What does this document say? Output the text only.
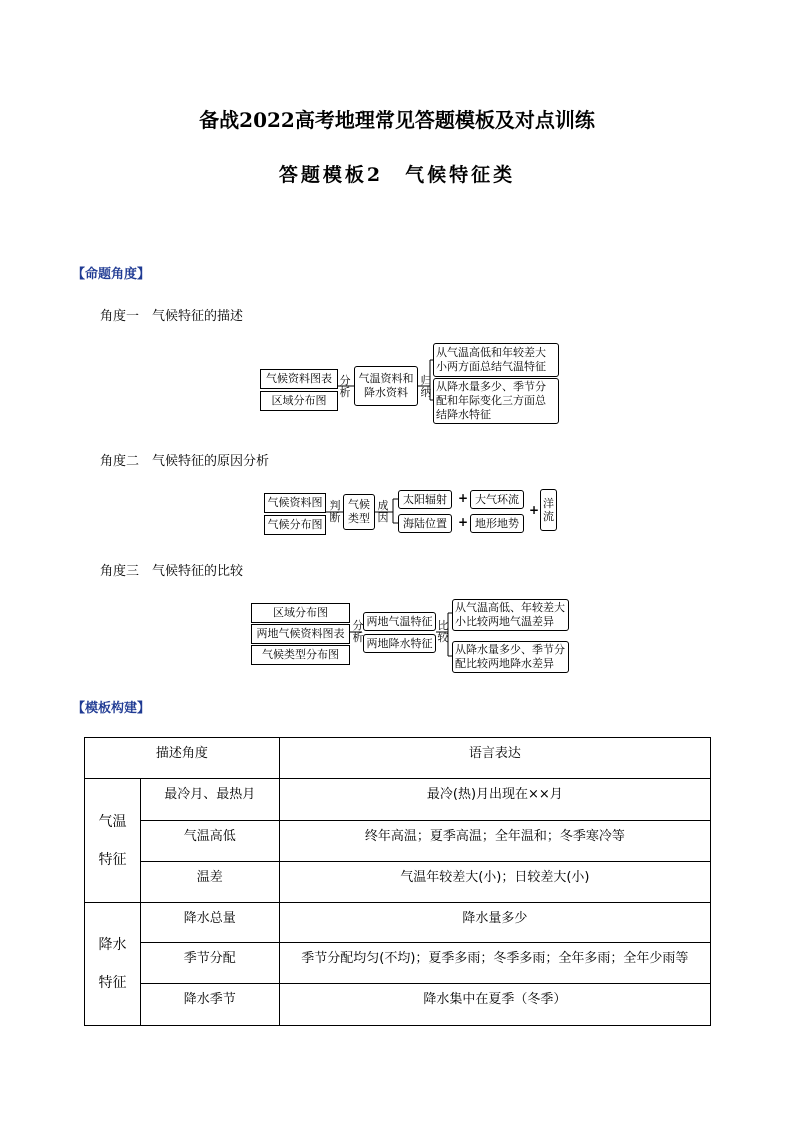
备战2022高考地理常见答题模板及对点训练
答题模板2　气候特征类
【命题角度】
角度一　气候特征的描述
角度二　气候特征的原因分析
角度三　气候特征的比较
气候资料图表
区域分布图
分析
气温资料和降水资料
归纳
从气温高低和年较差大小两方面总结气温特征
从降水量多少、季节分配和年际变化三方面总结降水特征
气候资料图
气候分布图
判断
气候类型
成因
太阳辐射 + 大气环流
海陆位置 + 地形地势
+ 洋流
区域分布图
两地气候资料图表
气候类型分布图
分析
两地气温特征
两地降水特征
比较
从气温高低、年较差大小比较两地气温差异
从降水量多少、季节分配比较两地降水差异
【模板构建】
描述角度		语言表达

气温
特征	最冷月、最热月	最冷(热)月出现在××月

	气温高低	终年高温；夏季高温；全年温和；冬季寒冷等

	温差	气温年较差大(小)；日较差大(小)

降水
特征	降水总量	降水量多少

	季节分配	季节分配均匀(不均)；夏季多雨；冬季多雨；全年多雨；全年少雨等

	降水季节	降水集中在夏季（冬季）
